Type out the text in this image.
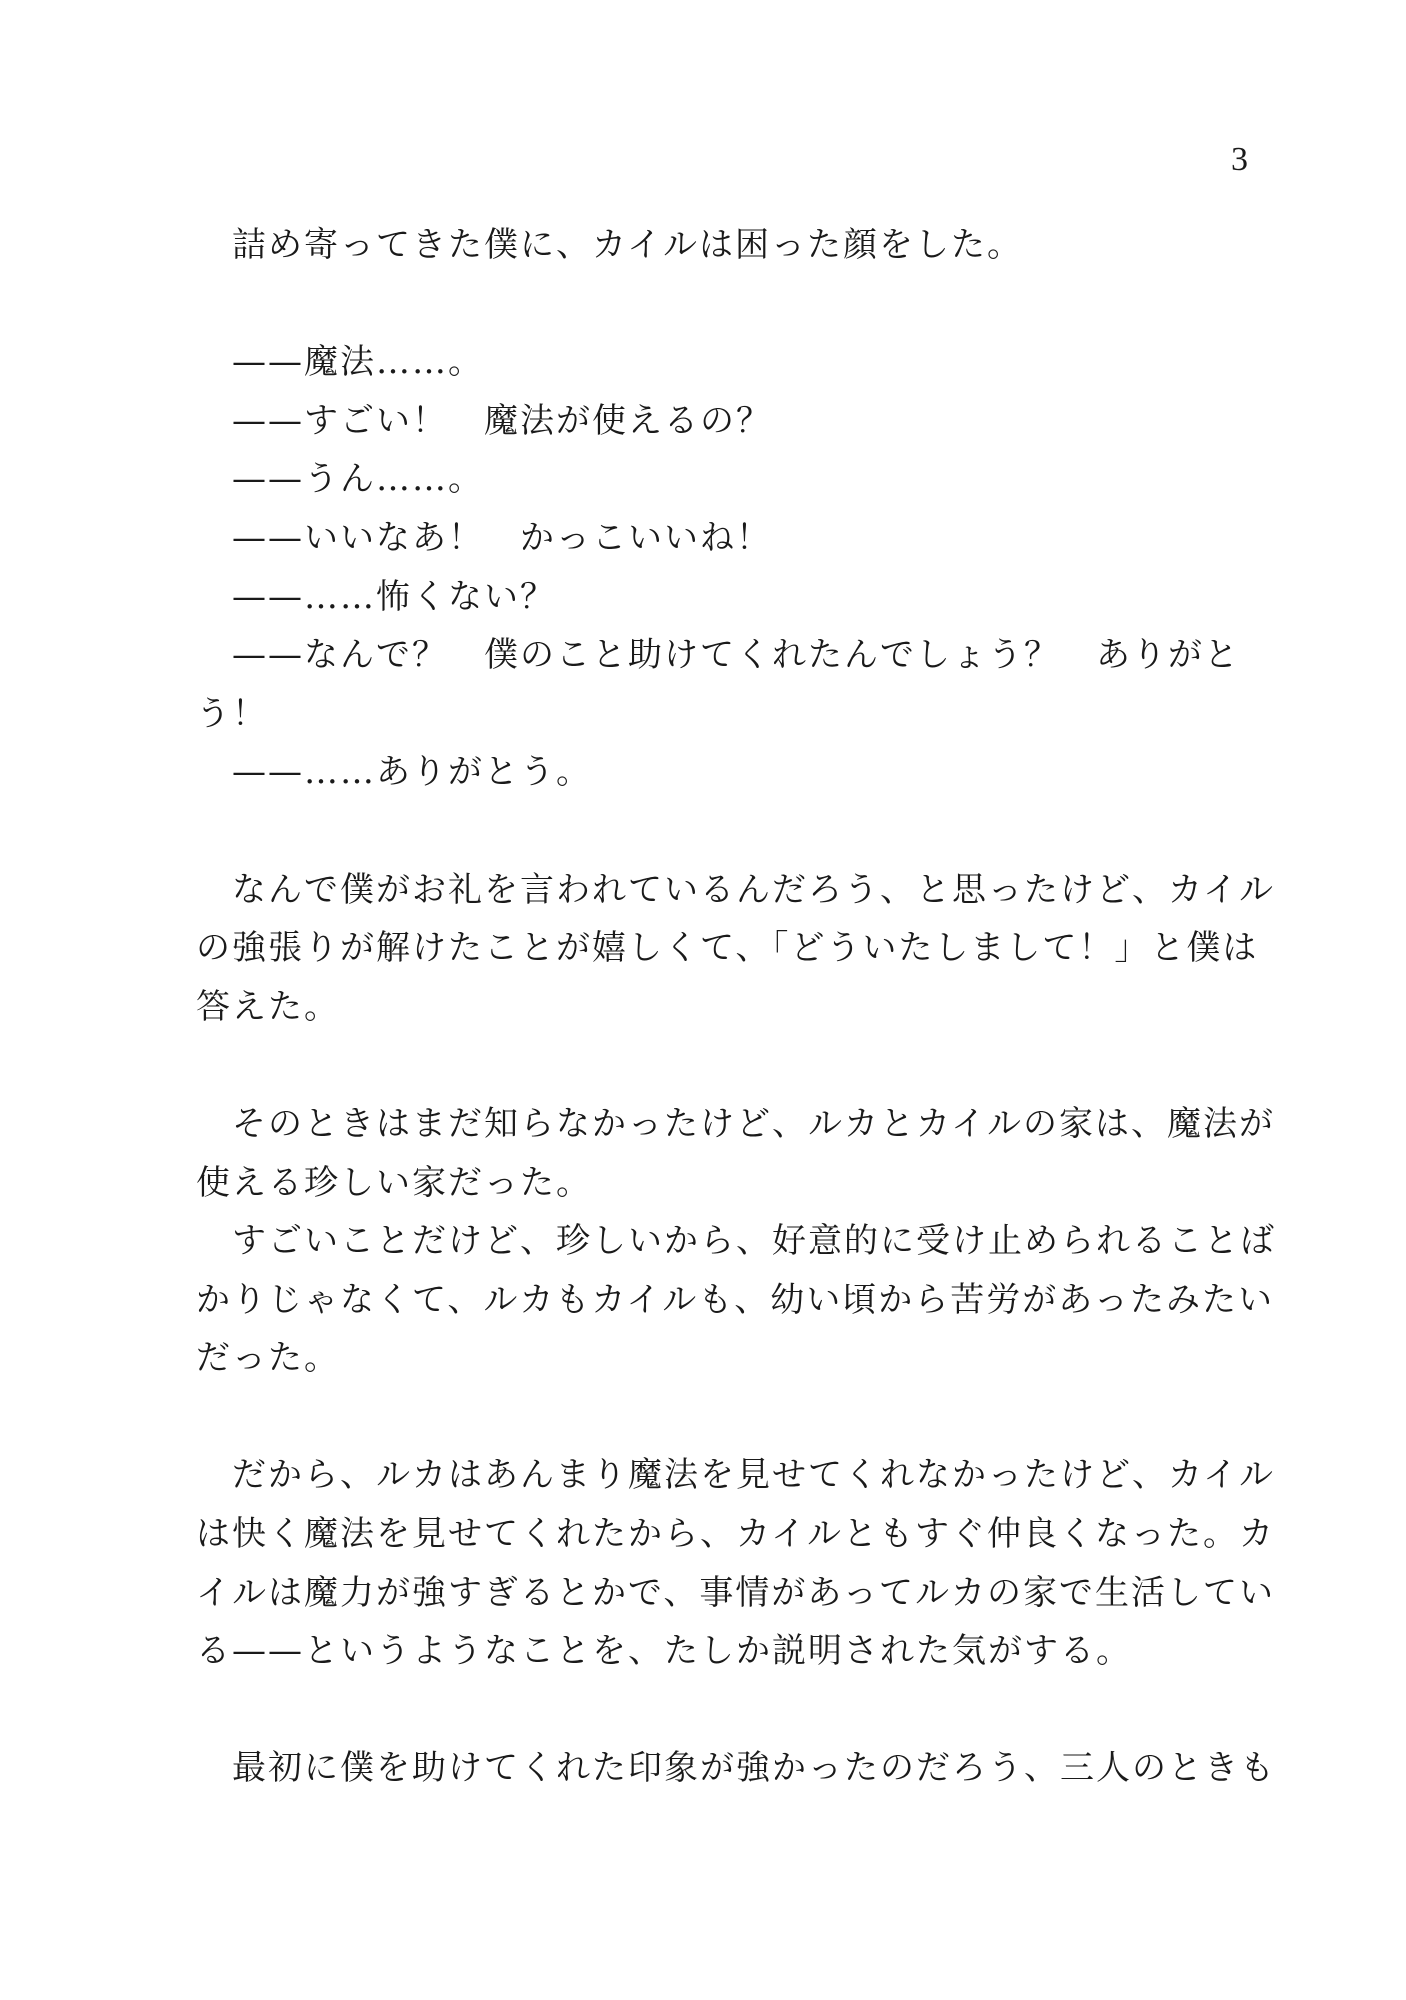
3
　詰め寄ってきた僕に、カイルは困った顔をした。
　——魔法……。
　——すごい！　魔法が使えるの？
　——うん……。
　——いいなあ！　かっこいいね！
　——……怖くない？
　——なんで？　僕のこと助けてくれたんでしょう？　ありがと
う！
　——……ありがとう。
　なんで僕がお礼を言われているんだろう、と思ったけど、カイル
の強張りが解けたことが嬉しくて、「どういたしまして！」と僕は
答えた。
　そのときはまだ知らなかったけど、ルカとカイルの家は、魔法が
使える珍しい家だった。
　すごいことだけど、珍しいから、好意的に受け止められることば
かりじゃなくて、ルカもカイルも、幼い頃から苦労があったみたい
だった。
　だから、ルカはあんまり魔法を見せてくれなかったけど、カイル
は快く魔法を見せてくれたから、カイルともすぐ仲良くなった。カ
イルは魔力が強すぎるとかで、事情があってルカの家で生活してい
る——というようなことを、たしか説明された気がする。
　最初に僕を助けてくれた印象が強かったのだろう、三人のときも
